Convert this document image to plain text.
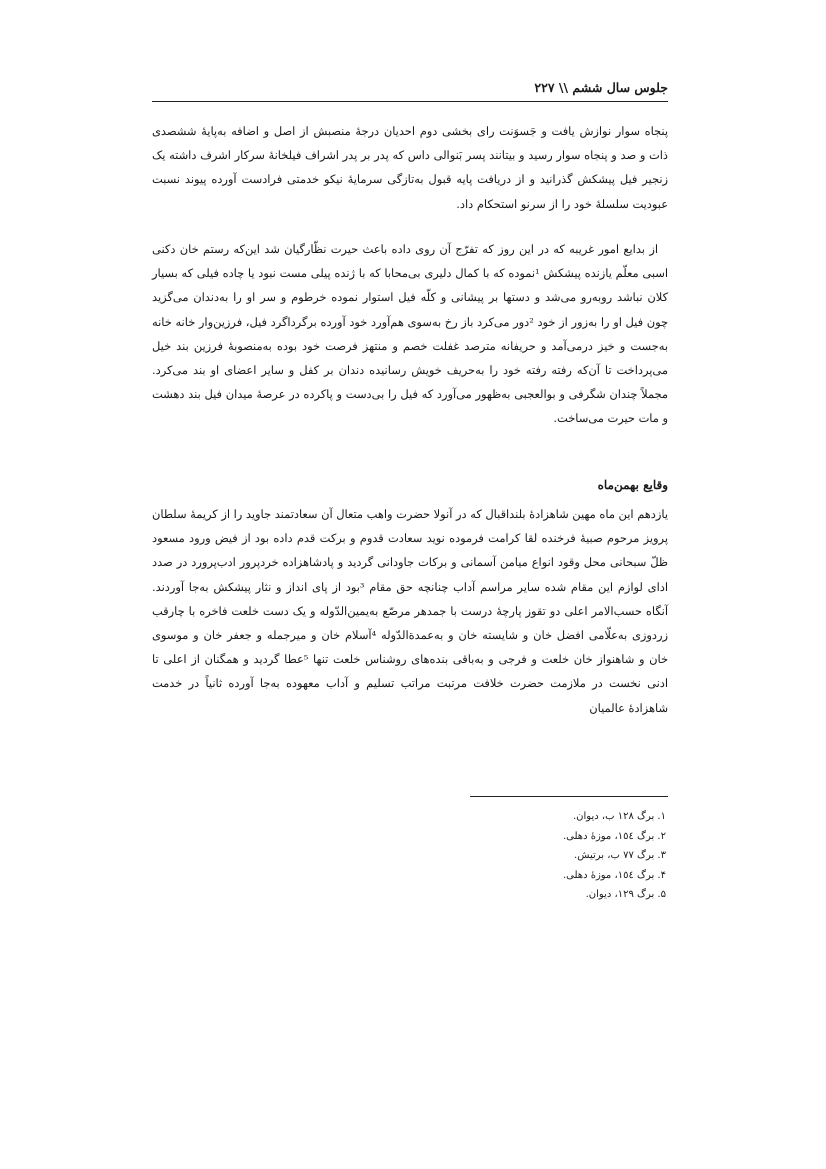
جلوس سال ششم \\ ۲۲۷

پنجاه سوار نوازش یافت و جَسوَنت رای بخشی دوم احدیان درجهٔ منصبش از اصل و اضافه به‌پایهٔ ششصدی ذات و صد و پنجاه سوار رسید و بیتانند پسر بَنوالی داس که پدر بر پدر اشراف فیلخانهٔ سرکار اشرف داشته یک زنجیر فیل پیشکش گذرانید و از دریافت پایه قبول به‌تازگی سرمایهٔ نیکو خدمتی فرادست آورده پیوند نسبت عبودیت سلسلهٔ خود را از سرنو استحکام داد.

از بدایع امور غریبه که در این روز که تفرّج آن روی داده باعث حیرت نظّارگیان شد این‌که رستم خان دکنی اسبی معلّم یازنده پیشکش ¹نموده که با کمال دلیری بی‌محابا که با ژنده پیلی مست نبود یا چاده فیلی که بسیار کلان نباشد روبه‌رو می‌شد و دستها بر پیشانی و کلّه فیل استوار نموده خرطوم و سر او را به‌دندان می‌گزید چون فیل او را به‌زور از خود ²دور می‌کرد باز رخ به‌سوی هم‌آورد خود آورده برگرداگرد فیل، فرزین‌وار خانه خانه به‌جست و خیز درمی‌آمد و حریفانه مترصد غفلت خصم و منتهز فرصت خود بوده به‌منصوبهٔ فرزین بند خیل می‌پرداخت تا آن‌که رفته رفته خود را به‌حریف خویش رسانیده دندان بر کفل و سایر اعضای او بند می‌کرد. مجملاً چندان شگرفی و بوالعجبی به‌ظهور می‌آورد که فیل را بی‌دست و پاکرده در عرصهٔ میدان فیل بند دهشت و مات حیرت می‌ساخت.

وقایع بهمن‌ماه

یازدهم این ماه مهین شاهزادهٔ بلنداقبال که در آنولا حضرت واهب متعال آن سعادتمند جاوید را از کریمهٔ سلطان پرویز مرحوم صبیهٔ فرخنده لقا کرامت فرموده نوید سعادت قدوم و برکت قدم داده بود از فیض ورود مسعود ظلّ سبحانی محل وقود انواع میامن آسمانی و برکات جاودانی گردید و پادشاهزاده خردپرور ادب‌پرورد در صدد ادای لوازم این مقام شده سایر مراسم آداب چنانچه حق مقام ³بود از پای انداز و نثار پیشکش به‌جا آوردند. آنگاه حسب‌الامر اعلی دو تقوز پارچهٔ درست با جمدهر مرصّع به‌یمین‌الدّوله و یک دست خلعت فاخره با چارقب زردوزی به‌علّامی افضل خان و شایسته خان و به‌عمدةالدّوله ⁴آسلام خان و میرجمله و جعفر خان و موسوی خان و شاهنواز خان خلعت و فرجی و به‌باقی بنده‌های روشناس خلعت تنها ⁵عطا گردید و همگنان از اعلی تا ادنی نخست در ملازمت حضرت خلافت مرتبت مراتب تسلیم و آداب معهوده به‌جا آورده ثانیاً در خدمت شاهزادهٔ عالمیان

۱. برگ ۱۲۸ ب، دیوان.
۲. برگ ۱٥٤، موزهٔ دهلی.
۳. برگ ۷۷ ب، برتیش.
۴. برگ ۱٥٤، موزهٔ دهلی.
۵. برگ ۱۲۹، دیوان.
